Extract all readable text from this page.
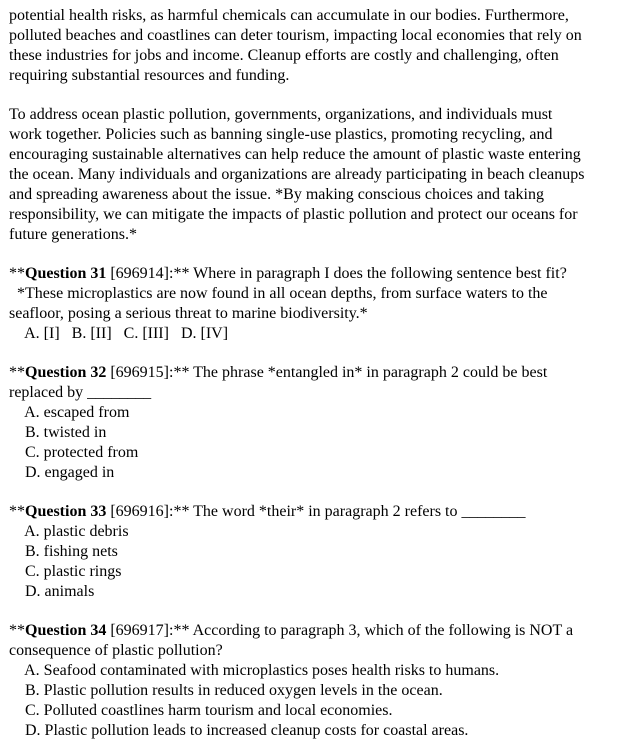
potential health risks, as harmful chemicals can accumulate in our bodies. Furthermore,
polluted beaches and coastlines can deter tourism, impacting local economies that rely on
these industries for jobs and income. Cleanup efforts are costly and challenging, often
requiring substantial resources and funding.
To address ocean plastic pollution, governments, organizations, and individuals must
work together. Policies such as banning single-use plastics, promoting recycling, and
encouraging sustainable alternatives can help reduce the amount of plastic waste entering
the ocean. Many individuals and organizations are already participating in beach cleanups
and spreading awareness about the issue. *By making conscious choices and taking
responsibility, we can mitigate the impacts of plastic pollution and protect our oceans for
future generations.*
**Question 31 [696914]:** Where in paragraph I does the following sentence best fit?
*These microplastics are now found in all ocean depths, from surface waters to the
seafloor, posing a serious threat to marine biodiversity.*
A. [I]   B. [II]   C. [III]   D. [IV]
**Question 32 [696915]:** The phrase *entangled in* in paragraph 2 could be best
replaced by ________
A. escaped from
B. twisted in
C. protected from
D. engaged in
**Question 33 [696916]:** The word *their* in paragraph 2 refers to ________
A. plastic debris
B. fishing nets
C. plastic rings
D. animals
**Question 34 [696917]:** According to paragraph 3, which of the following is NOT a
consequence of plastic pollution?
A. Seafood contaminated with microplastics poses health risks to humans.
B. Plastic pollution results in reduced oxygen levels in the ocean.
C. Polluted coastlines harm tourism and local economies.
D. Plastic pollution leads to increased cleanup costs for coastal areas.
